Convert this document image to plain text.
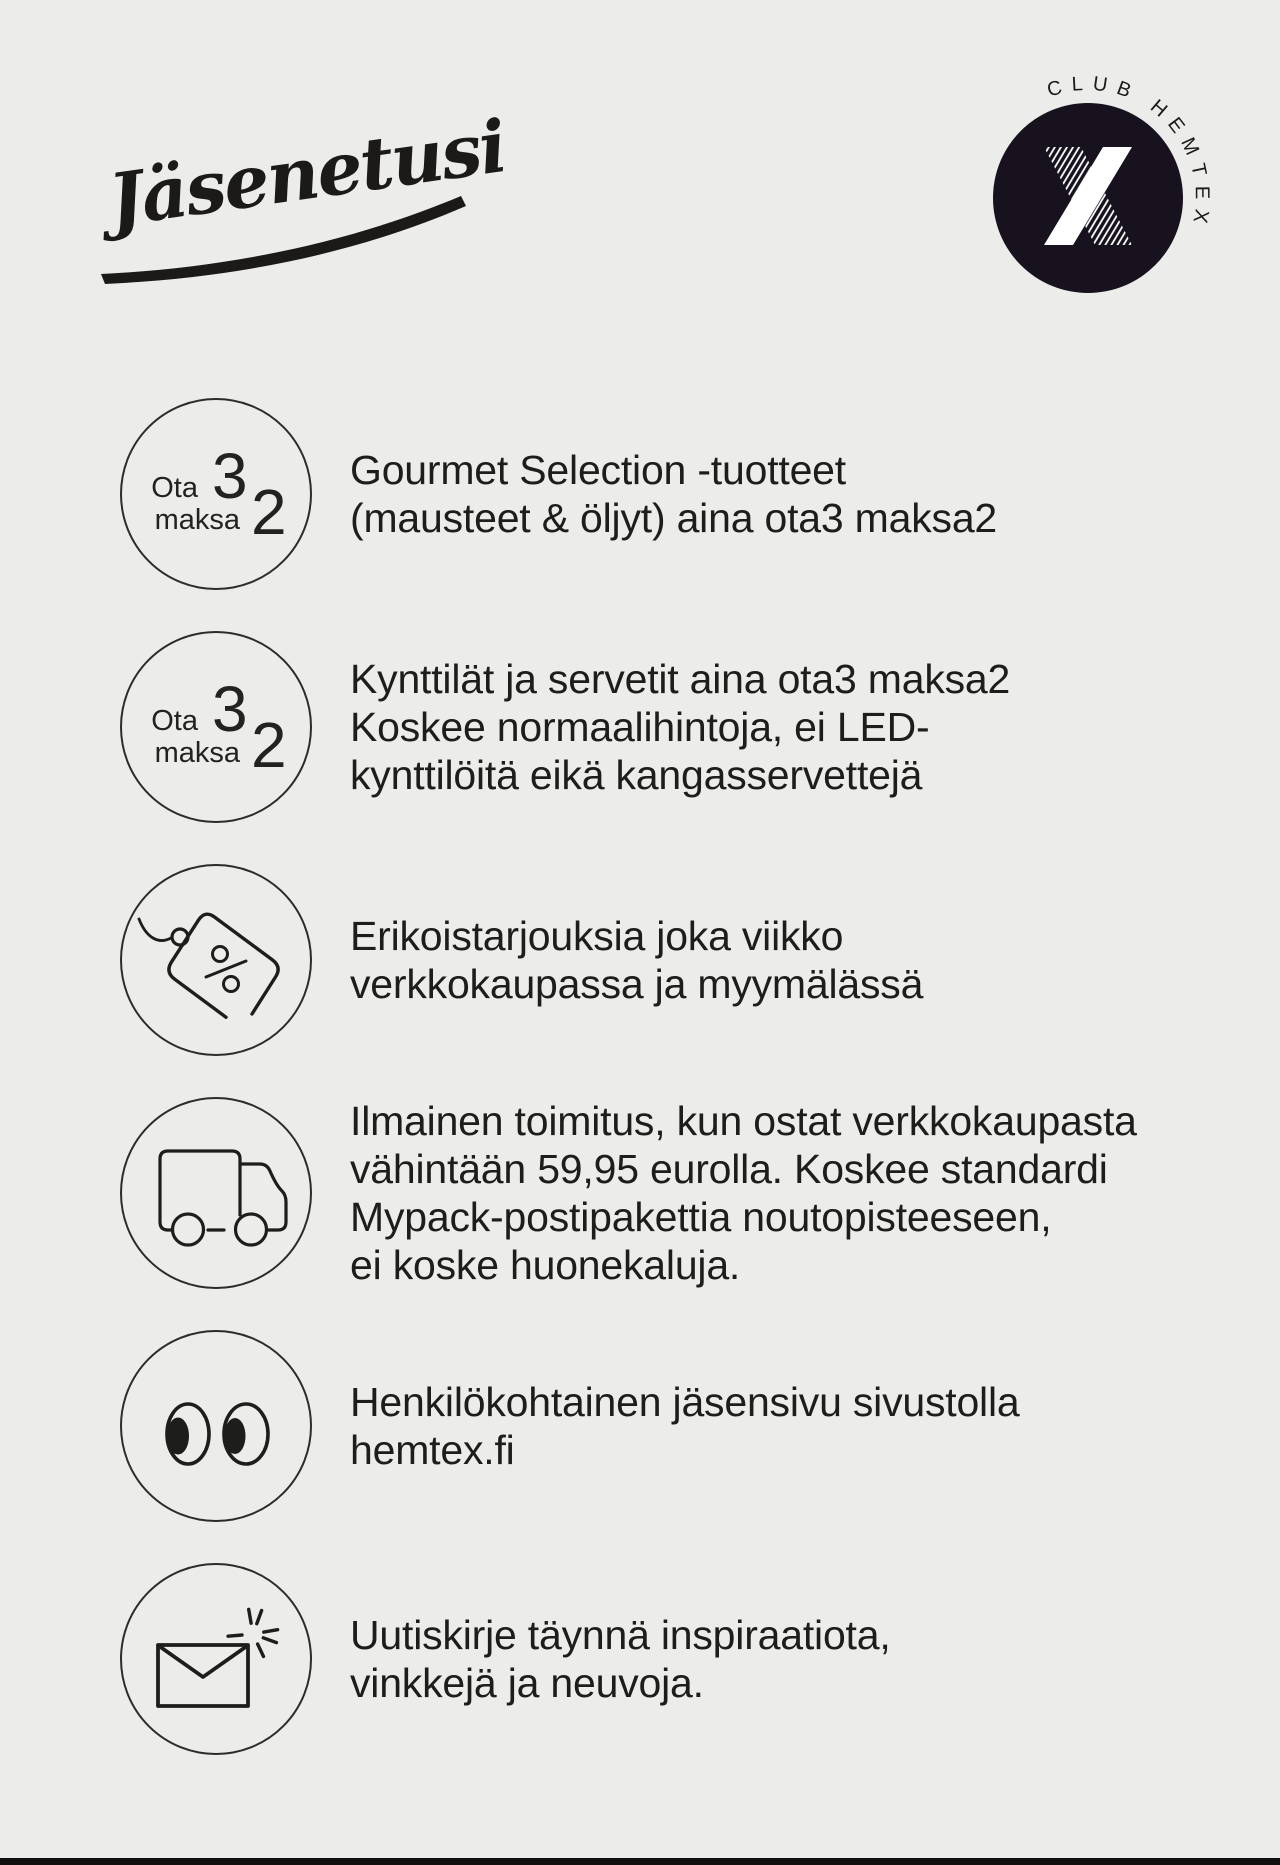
Jäsenetusi
CLUB HEMTEX
Ota 3
maksa 2
Gourmet Selection -tuotteet
(mausteet & öljyt) aina ota3 maksa2
Ota 3
maksa 2
Kynttilät ja servetit aina ota3 maksa2
Koskee normaalihintoja, ei LED-
kynttilöitä eikä kangasservettejä
Erikoistarjouksia joka viikko
verkkokaupassa ja myymälässä
Ilmainen toimitus, kun ostat verkkokaupasta
vähintään 59,95 eurolla. Koskee standardi
Mypack-postipakettia noutopisteeseen,
ei koske huonekaluja.
Henkilökohtainen jäsensivu sivustolla
hemtex.fi
Uutiskirje täynnä inspiraatiota,
vinkkejä ja neuvoja.
